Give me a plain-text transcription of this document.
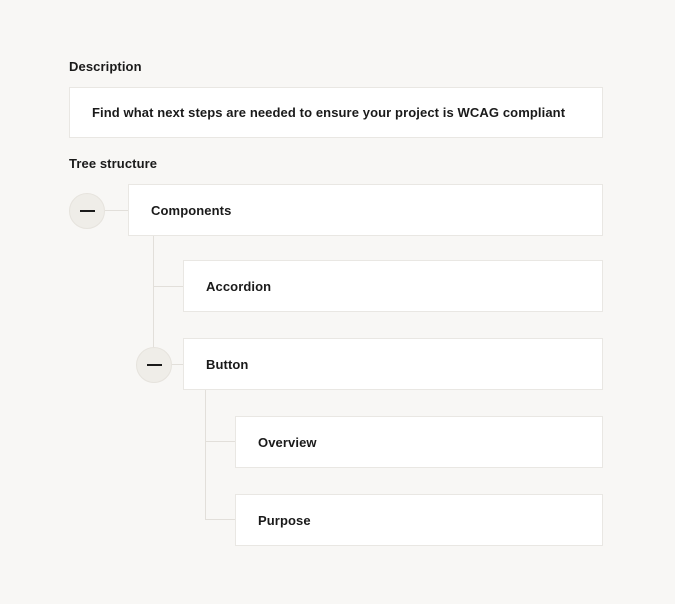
Description
Find what next steps are needed to ensure your project is WCAG compliant
Tree structure
Components
Accordion
Button
Overview
Purpose
